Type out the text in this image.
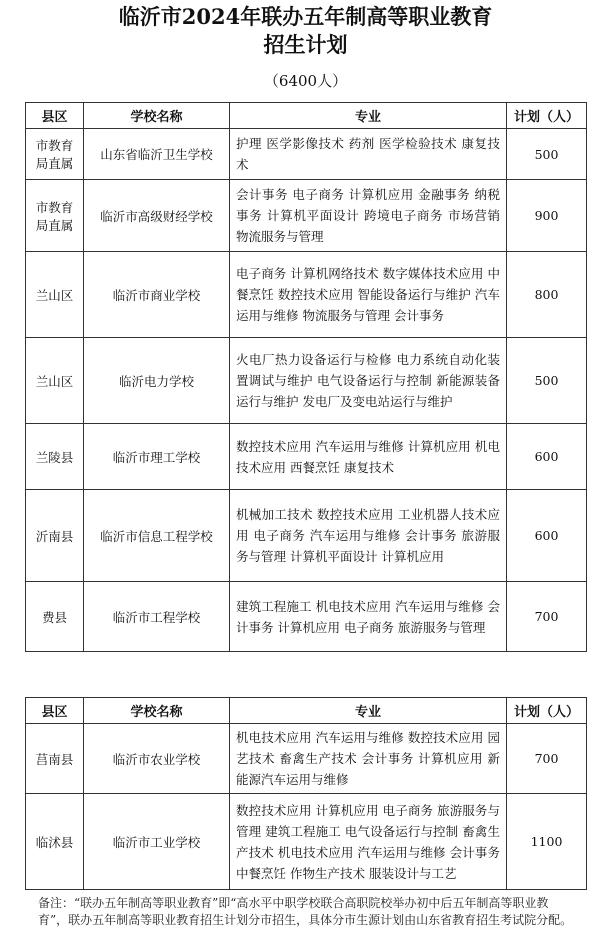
临沂市2024年联办五年制高等职业教育
招生计划
（6400人）
县区	学校名称	专业	计划（人）
市教育局直属	山东省临沂卫生学校	护理 医学影像技术 药剂 医学检验技术 康复技术	500
市教育局直属	临沂市高级财经学校	会计事务 电子商务 计算机应用 金融事务 纳税事务 计算机平面设计 跨境电子商务 市场营销 物流服务与管理	900
兰山区	临沂市商业学校	电子商务 计算机网络技术 数字媒体技术应用 中餐烹饪 数控技术应用 智能设备运行与维护 汽车运用与维修 物流服务与管理 会计事务	800
兰山区	临沂电力学校	火电厂热力设备运行与检修 电力系统自动化装置调试与维护 电气设备运行与控制 新能源装备运行与维护 发电厂及变电站运行与维护	500
兰陵县	临沂市理工学校	数控技术应用 汽车运用与维修 计算机应用 机电技术应用 西餐烹饪 康复技术	600
沂南县	临沂市信息工程学校	机械加工技术 数控技术应用 工业机器人技术应用 电子商务 汽车运用与维修 会计事务 旅游服务与管理 计算机平面设计 计算机应用	600
费县	临沂市工程学校	建筑工程施工 机电技术应用 汽车运用与维修 会计事务 计算机应用 电子商务 旅游服务与管理	700
县区	学校名称	专业	计划（人）
莒南县	临沂市农业学校	机电技术应用 汽车运用与维修 数控技术应用 园艺技术 畜禽生产技术 会计事务 计算机应用 新能源汽车运用与维修	700
临沭县	临沂市工业学校	数控技术应用 计算机应用 电子商务 旅游服务与管理 建筑工程施工 电气设备运行与控制 畜禽生产技术 机电技术应用 汽车运用与维修 会计事务 中餐烹饪 作物生产技术 服装设计与工艺	1100
备注：“联办五年制高等职业教育”即“高水平中职学校联合高职院校举办初中后五年制高等职业教育”，联办五年制高等职业教育招生计划分市招生，具体分市生源计划由山东省教育招生考试院分配。
